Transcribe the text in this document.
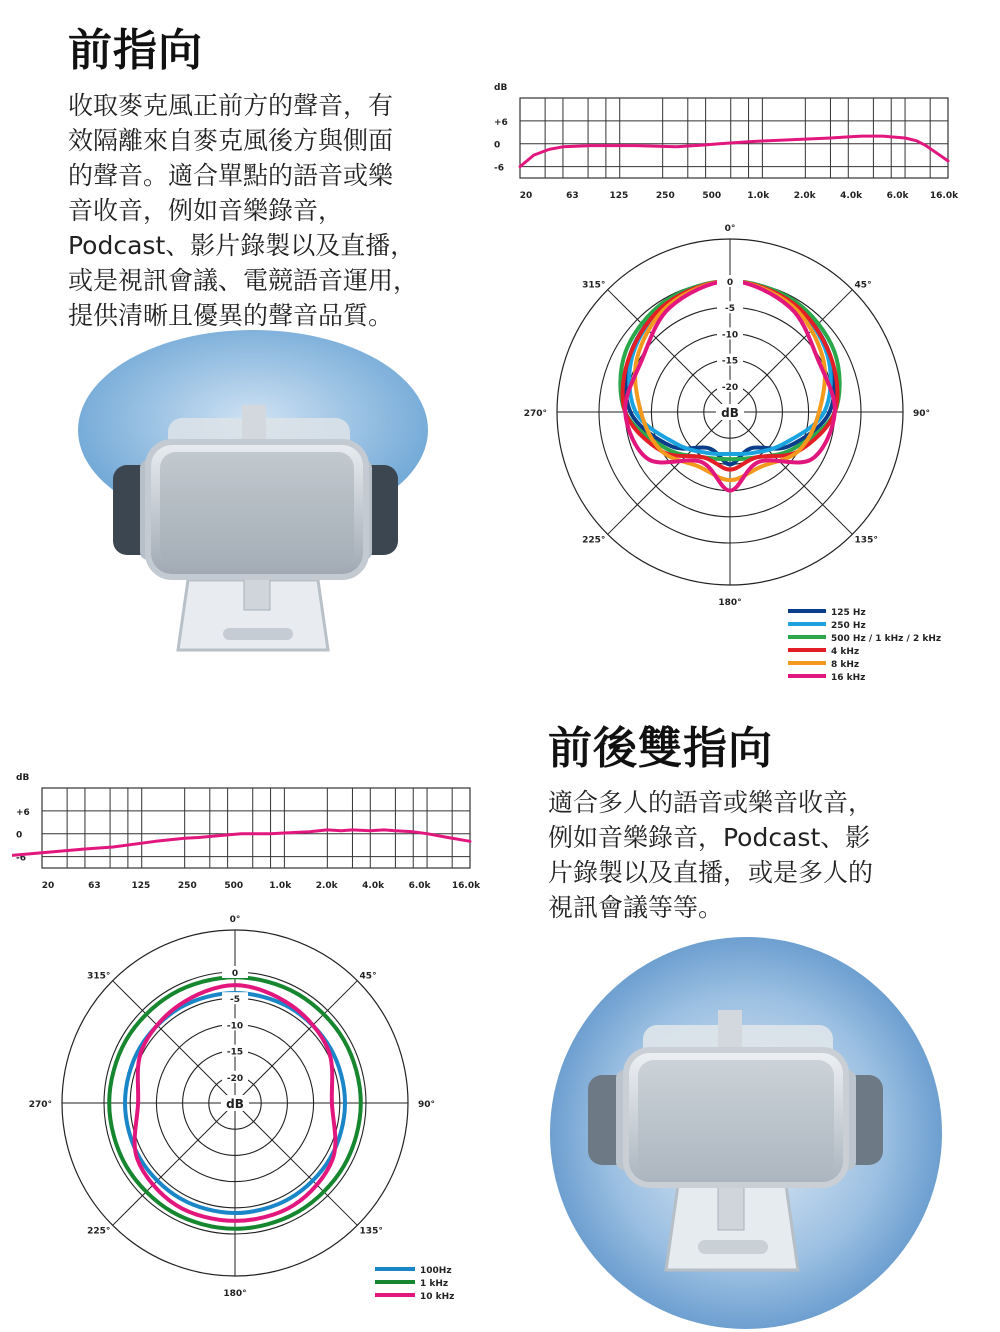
前指向
收取麥克風正前方的聲音，有
效隔離來自麥克風後方與側面
的聲音。適合單點的語音或樂
音收音，例如音樂錄音，
Podcast、影片錄製以及直播，
或是視訊會議、電競語音運用，
提供清晰且優異的聲音品質。
dB
+6
0
-6
20	63	125	250	500	1.0k	2.0k	4.0k	6.0k 16.0k
0
-5
-10
-15
-20
dB
0°
45°
90°
135°
180°
225°
270°
315°
125 Hz
250 Hz
500 Hz / 1 kHz / 2 kHz
4 kHz
8 kHz
16 kHz
前後雙指向
適合多人的語音或樂音收音，
例如音樂錄音，Podcast、影
片錄製以及直播，或是多人的
視訊會議等等。
dB
+6
0
-6
20	63	125	250	500	1.0k	2.0k	4.0k	6.0k 16.0k
0
-5
-10
-15
-20
dB
0°
45°
90°
135°
180°
225°
270°
315°
100Hz
1 kHz
10 kHz
